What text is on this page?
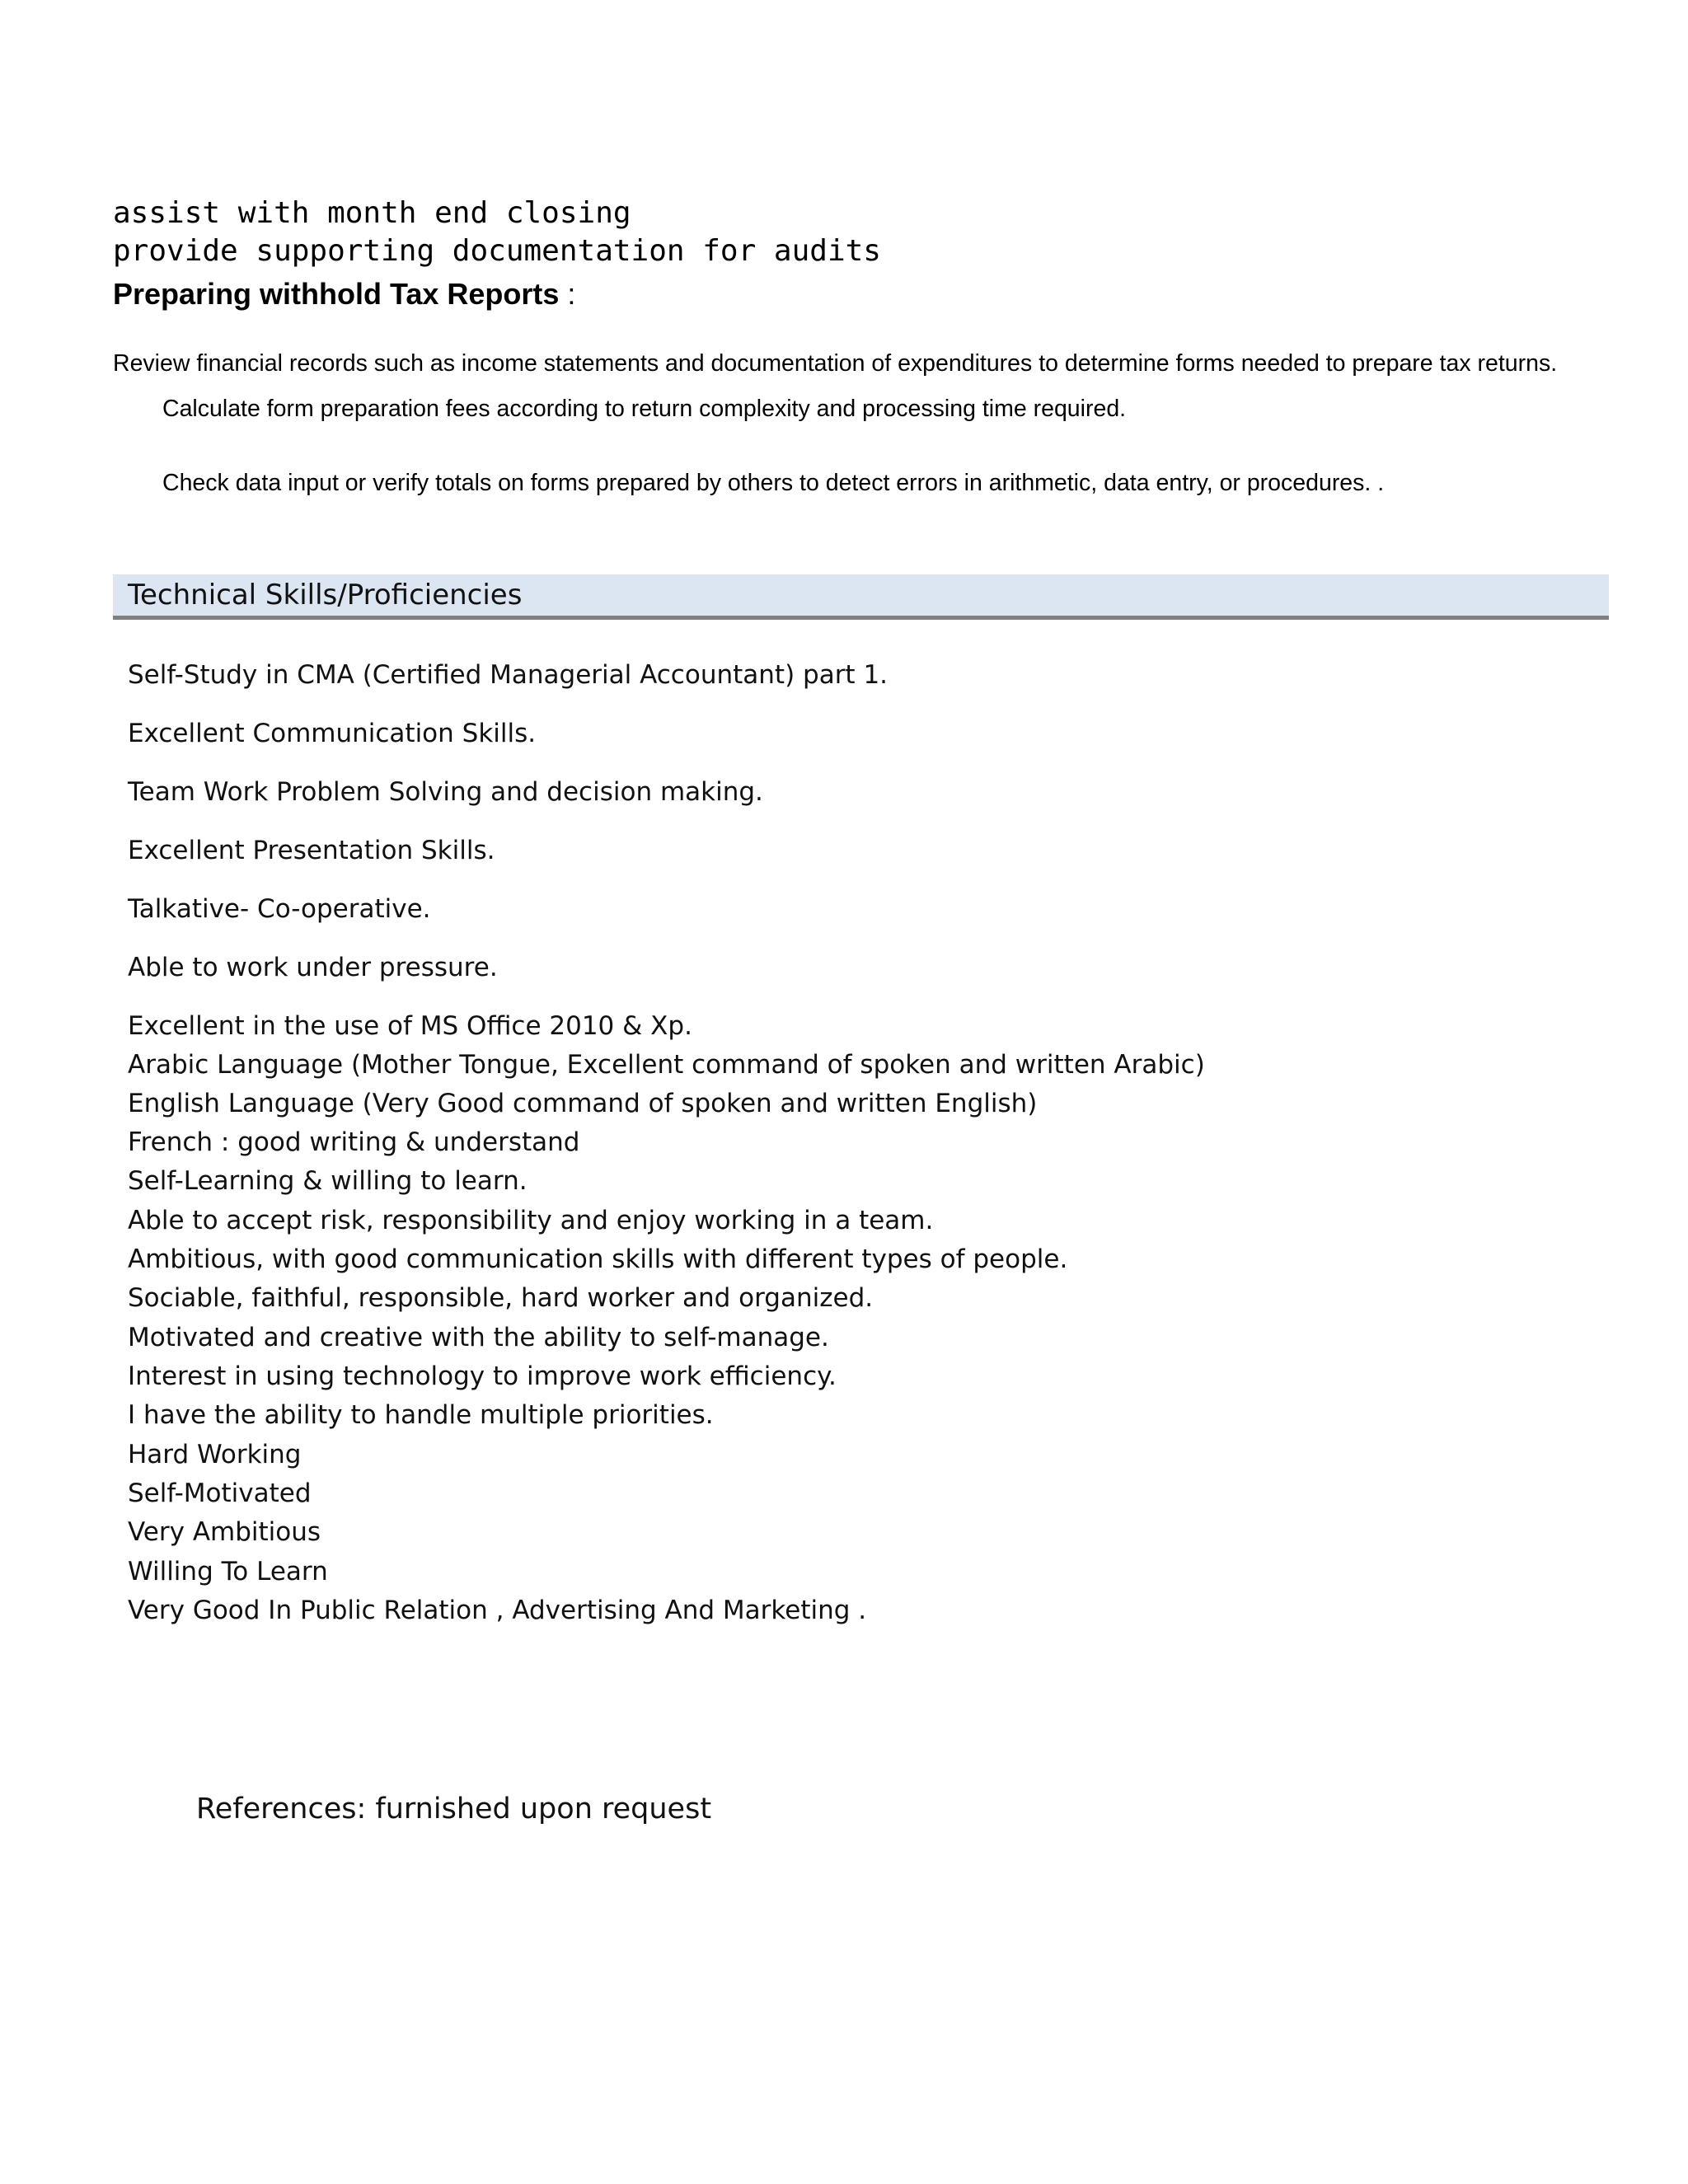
assist with month end closing
provide supporting documentation for audits
Preparing withhold Tax Reports :
Review financial records such as income statements and documentation of expenditures to determine forms needed to prepare tax returns.
Calculate form preparation fees according to return complexity and processing time required.
Check data input or verify totals on forms prepared by others to detect errors in arithmetic, data entry, or procedures. .
Technical Skills/Proficiencies
Self-Study in CMA (Certified Managerial Accountant) part 1.
Excellent Communication Skills.
Team Work Problem Solving and decision making.
Excellent Presentation Skills.
Talkative- Co-operative.
Able to work under pressure.
Excellent in the use of MS Office 2010 & Xp.
Arabic Language (Mother Tongue, Excellent command of spoken and written Arabic)
English Language (Very Good command of spoken and written English)
French : good writing & understand
Self-Learning & willing to learn.
Able to accept risk, responsibility and enjoy working in a team.
Ambitious, with good communication skills with different types of people.
Sociable, faithful, responsible, hard worker and organized.
Motivated and creative with the ability to self-manage.
Interest in using technology to improve work efficiency.
I have the ability to handle multiple priorities.
Hard Working
Self-Motivated
Very Ambitious
Willing To Learn
Very Good In Public Relation , Advertising And Marketing .
References: furnished upon request
